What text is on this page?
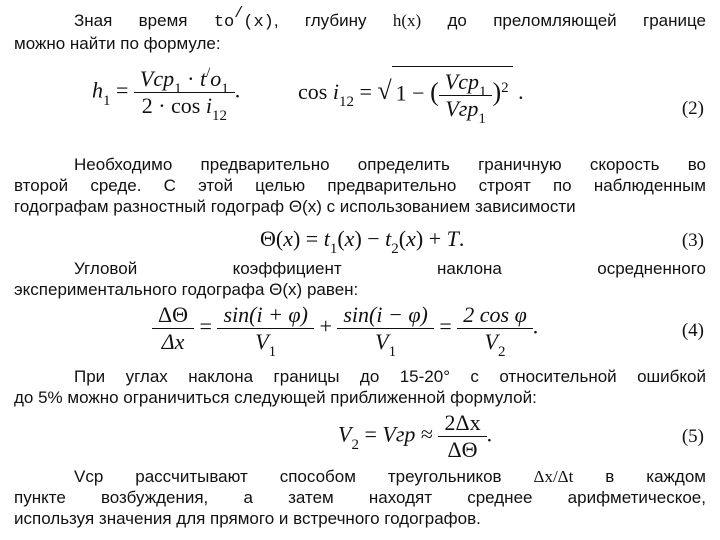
Зная время to/(x), глубину h(x) до преломляющей границе
можно найти по формуле:
$h_1 = \frac{Vcp_1 \cdot t^/o_1}{2 \cdot \cos i_{12}}$ .	$\cos i_{12}$ = √ 1 − ( $\frac{Vcp_1}{Vгр_1} )^2$ .
(2)
Необходимо предварительно определить граничную скорость во
второй среде. С этой целью предварительно строят по наблюденным
годографам разностный годограф Θ(x) с использованием зависимости
$\Theta(x) = t_1(x) - t_2(x) + T$.	(3)
Угловой	коэффициент	наклона	осредненного
экспериментального годографа Θ(x) равен:
$\frac{\Delta\Theta}{\Delta x} = \frac{\sin(i + \varphi)}{V_1} + \frac{\sin(i - \varphi)}{V_1} = \frac{\text{2 cos φ}}{V_2}$ .	(4)
При углах наклона границы до 15-20° с относительной ошибкой
до 5% можно ограничиться следующей приближенной формулой:
$V_2$ = Vгр ≈ $\frac{2\Delta x}{\Delta\Theta}$ .	(5)
Vcp рассчитывают способом треугольников Δx/Δt в каждом
пункте возбуждения, а затем находят среднее арифметическое,
используя значения для прямого и встречного годографов.
